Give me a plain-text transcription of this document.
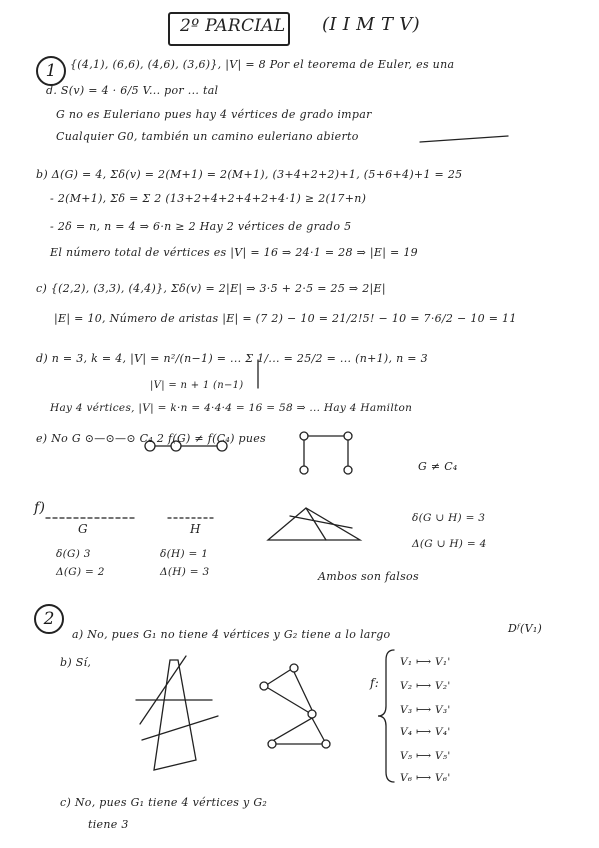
2º PARCIAL (I I M T V)
1	{(4,1), (6,6), (4,6), (3,6)}, |V| = 8 Por el teorema de Euler, es una
d. S(v) = 4 · 6/5 V... por ... tal
G no es Euleriano pues hay 4 vértices de grado impar
Cualquier G0, también un camino euleriano abierto
b) Δ(G) = 4, Σδ(v) = 2(M+1) = 2(M+1), (3+4+2+2)+1, (5+6+4)+1 = 25
- 2(M+1), Σδ = Σ 2 (13+2+4+2+4+2+4·1) ≥ 2(17+n)
- 2δ = n, n = 4 ⇒ 6·n ≥ 2 Hay 2 vértices de grado 5
El número total de vértices es |V| = 16 ⇒ 24·1 = 28 ⇒ |E| = 19
c) {(2,2), (3,3), (4,4)}, Σδ(v) = 2|E| ⇒ 3·5 + 2·5 = 25 ⇒ 2|E|
|E| = 10, Número de aristas |E| = (7 2) − 10 = 21/2!5! − 10 = 7·6/2 − 10 = 11
d) n = 3, k = 4, |V| = n²/(n−1) = ... Σ 1/... = 25/2 = ... (n+1), n = 3
|V| = n + 1 (n−1)
Hay 4 vértices, |V| = k·n = 4·4·4 = 16 = 58 ⇒ ... Hay 4 Hamilton
e) No G ⊙—⊙—⊙ C₄ 2 f(G) ≠ f(C₄) pues
G ≠ C₄
f)
G	H
δ(G) 3
Δ(G) = 2
δ(H) = 1
Δ(H) = 3
δ(G ∪ H) = 3
Δ(G ∪ H) = 4
Ambos son falsos
2
a) No, pues G₁ no tiene 4 vértices y G₂ tiene a lo largo
b) Sí,
f:
V₁ ⟼ V₁'
V₂ ⟼ V₂'
V₃ ⟼ V₃'
V₄ ⟼ V₄'
V₅ ⟼ V₅'
V₆ ⟼ V₆'
Dᶠ(V₁)
c) No, pues G₁ tiene 4 vértices y G₂
tiene 3
